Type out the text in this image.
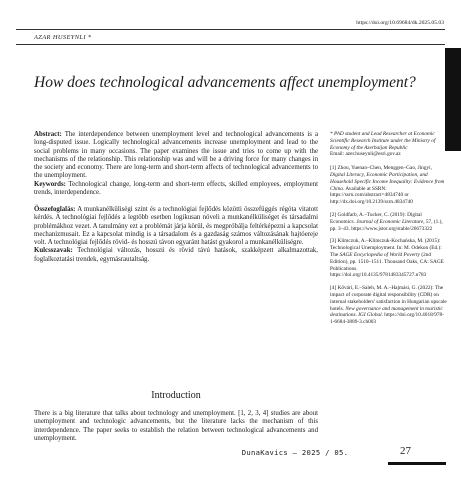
https://doi.org/10.69684/dk.2025.05.03
AZAR HUSEYNLI *
How does technological advancements affect unemployment?

Abstract: The interdependence between unemployment level and technological advancements is a long-disputed issue. Logically technological advancements increase unemployment and lead to the social problems in many occasions. The paper examines the issue and tries to come up with the mechanisms of the relationship. This relationship was and will be a driving force for many changes in the society and economy. There are long-term and short-term affects of technological advancements to the unemployment.

Keywords: Technological change, long-term and short-term effects, skilled employees, employment trends, interdependence.

Összefoglalás: A munkanélküliségi szint és a technológiai fejlődés közötti összefüggés régóta vitatott kérdés. A technológiai fejlődés a legtöbb esetben logikusan növeli a munkanélküliséget és társadalmi problémákhoz vezet. A tanulmány ezt a problémát járja körül, és megpróbálja feltérképezni a kapcsolat mechanizmusait. Ez a kapcsolat mindig is a társadalom és a gazdaság számos változásának hajtóereje volt. A technológiai fejlődés rövid- és hosszú távon egyaránt hatást gyakorol a munkanélküliségre.

Kulcsszavak: Technológiai változás, hosszú és rövid távú hatások, szakképzett alkalmazottak, foglalkoztatási trendek, egymásrautaltság.

* PhD student and Lead Researcher at Economic Scientific Research Institute under the Ministry of Economy of the Azerbaijan Republic

Email: azer.huseynli@esri.gov.az

[1] Zhou, Yuenan–Chen, Menggen–Gao, Jingyi, Digital Literacy, Economic Participation, and Household Specific Income Inequality: Evidence from China. Available at SSRN: https://ssrn.com/abstract=4834740 or http://dx.doi.org/10.2139/ssrn.4834740

[2] Goldfarb, A.–Tucker, C. (2019): Digital Economics. Journal of Economic Literature, 57, (1.), pp. 3–43. https://www.jstor.org/stable/26673322

[3] Klimczuk, A.–Klimczuk-Kochańska, M. (2015): Technological Unemployment. In: M. Odekon (Ed.): The SAGE Encyclopedia of World Poverty (2nd Edition), pp. 1510–1511. Thousand Oaks, CA: SAGE Publications. https://doi.org/10.4135/9781483345727.n783

[4] Kővári, E.–Saleh, M. A.–Hajmási, G. (2022): The impact of corporate digital responsibility (CDR) on internal stakeholders' satisfaction in Hungarian upscale hotels. New governance and management in touristic destinations. IGI Global. https://doi.org/10.4018/978-1-6684-3889-3.ch003

Introduction

There is a big literature that talks about technology and unemployment. [1, 2, 3, 4] studies are about unemployment and technologic advancements, but the literature lacks the mechanism of this interdependence. The paper seeks to establish the relation between technological advancements and unemployment.

DunaKavics – 2025 / 05.	27
